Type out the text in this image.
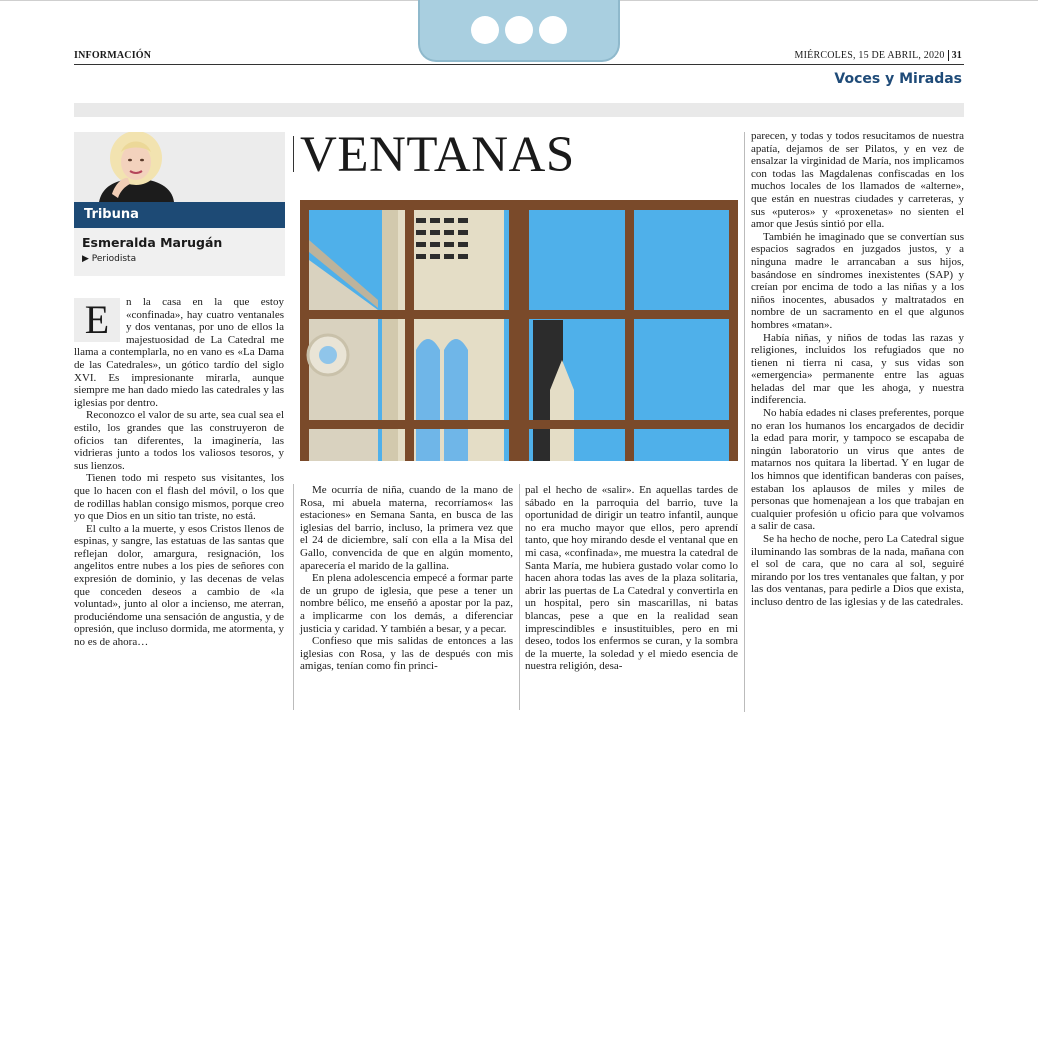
INFORMACIÓN	MIÉRCOLES, 15 DE ABRIL, 2020 31
Voces y Miradas
Tribuna
Esmeralda Marugán
▶ Periodista
VENTANAS
E	n la casa en la que estoy «confinada», hay cuatro ventanales y dos ventanas, por uno de ellos la majestuosidad de La Catedral me llama a contemplarla, no en vano es «La Dama de las Catedrales», un gótico tardío del siglo XVI. Es impresionante mirarla, aunque siempre me han dado miedo las catedrales y las iglesias por dentro.

Reconozco el valor de su arte, sea cual sea el estilo, los grandes que las construyeron de oficios tan diferentes, la imaginería, las vidrieras junto a todos los valiosos tesoros, y sus lienzos.

Tienen todo mi respeto sus visitantes, los que lo hacen con el flash del móvil, o los que de rodillas hablan consigo mismos, porque creo yo que Dios en un sitio tan triste, no está.

El culto a la muerte, y esos Cristos llenos de espinas, y sangre, las estatuas de las santas que reflejan dolor, amargura, resignación, los angelitos entre nubes a los pies de señores con expresión de dominio, y las decenas de velas que conceden deseos a cambio de «la voluntad», junto al olor a incienso, me aterran, produciéndome una sensación de angustia, y de opresión, que incluso dormida, me atormenta, y no es de ahora…

Me ocurría de niña, cuando de la mano de Rosa, mi abuela materna, recorríamos« las estaciones» en Semana Santa, en busca de las iglesias del barrio, incluso, la primera vez que el 24 de diciembre, salí con ella a la Misa del Gallo, convencida de que en algún momento, aparecería el marido de la gallina.

En plena adolescencia empecé a formar parte de un grupo de iglesia, que pese a tener un nombre bélico, me enseñó a apostar por la paz, a implicarme con los demás, a diferenciar justicia y caridad. Y también a besar, y a pecar.

Confieso que mis salidas de entonces a las iglesias con Rosa, y las de después con mis amigas, tenían como fin princi-

pal el hecho de «salir». En aquellas tardes de sábado en la parroquia del barrio, tuve la oportunidad de dirigir un teatro infantil, aunque no era mucho mayor que ellos, pero aprendí tanto, que hoy mirando desde el ventanal que en mi casa, «confinada», me muestra la catedral de Santa María, me hubiera gustado volar como lo hacen ahora todas las aves de la plaza solitaria, abrir las puertas de La Catedral y convertirla en un hospital, pero sin mascarillas, ni batas blancas, pese a que en la realidad sean imprescindibles e insustituibles, pero en mi deseo, todos los enfermos se curan, y la sombra de la muerte, la soledad y el miedo esencia de nuestra religión, desa-

parecen, y todas y todos resucitamos de nuestra apatía, dejamos de ser Pilatos, y en vez de ensalzar la virginidad de María, nos implicamos con todas las Magdalenas confiscadas en los muchos locales de los llamados de «alterne», que están en nuestras ciudades y carreteras, y sus «puteros» y «proxenetas» no sienten el amor que Jesús sintió por ella.

También he imaginado que se convertían sus espacios sagrados en juzgados justos, y a ninguna madre le arrancaban a sus hijos, basándose en síndromes inexistentes (SAP) y creían por encima de todo a las niñas y a los niños inocentes, abusados y maltratados en nombre de un sacramento en el que algunos hombres «matan».

Había niñas, y niños de todas las razas y religiones, incluidos los refugiados que no tienen ni tierra ni casa, y sus vidas son «emergencia» permanente entre las aguas heladas del mar que les ahoga, y nuestra indiferencia.

No había edades ni clases preferentes, porque no eran los humanos los encargados de decidir la edad para morir, y tampoco se escapaba de ningún laboratorio un virus que antes de matarnos nos quitara la libertad. Y en lugar de los himnos que identifican banderas con países, estaban los aplausos de miles y miles de personas que homenajean a los que trabajan en cualquier profesión u oficio para que volvamos a salir de casa.

Se ha hecho de noche, pero La Catedral sigue iluminando las sombras de la nada, mañana con el sol de cara, que no cara al sol, seguiré mirando por los tres ventanales que faltan, y por las dos ventanas, para pedirle a Dios que exista, incluso dentro de las iglesias y de las catedrales.
